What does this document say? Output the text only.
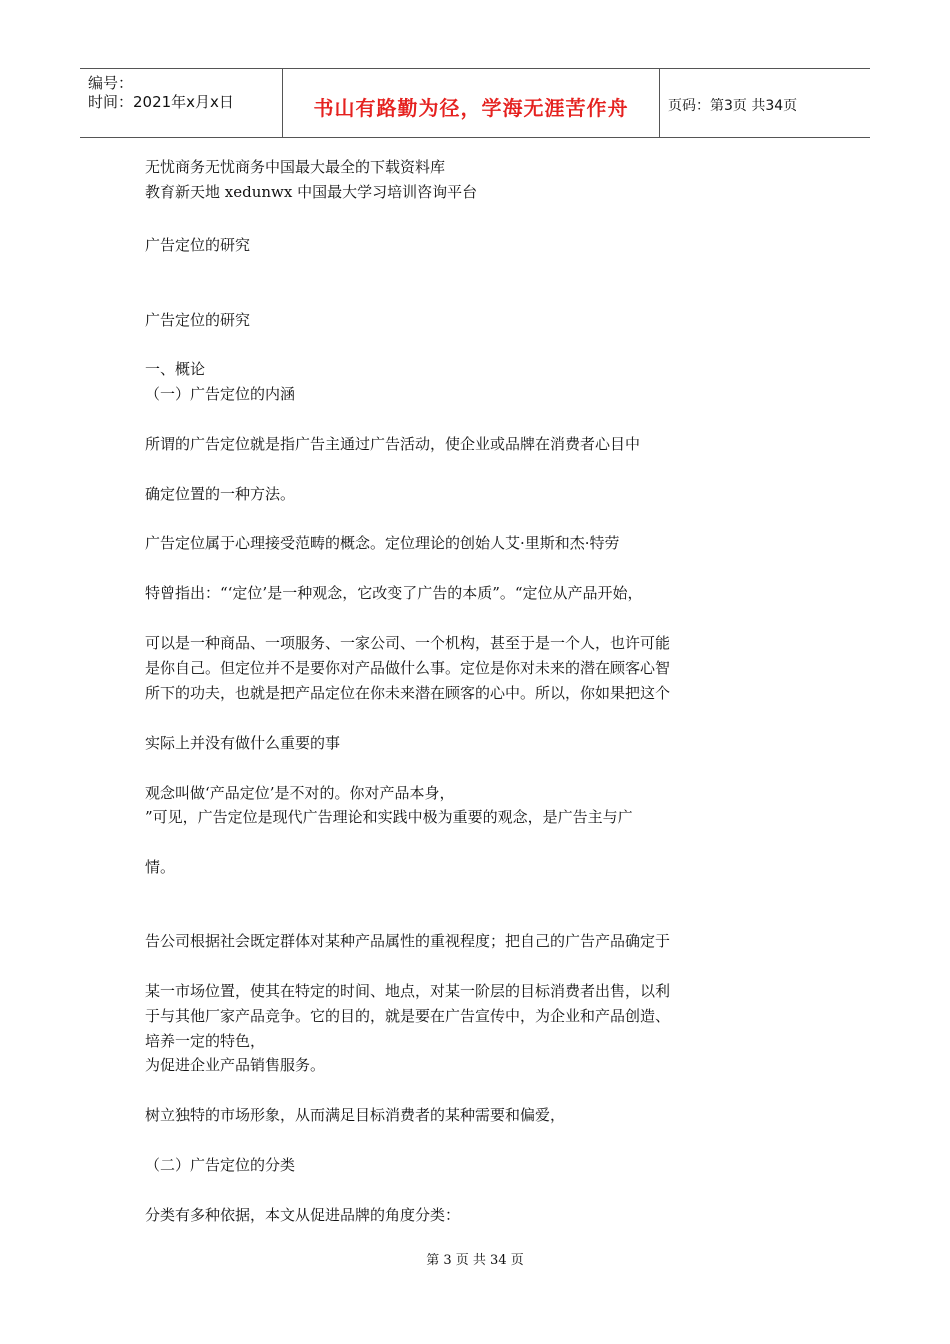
编号：
时间：2021年x月x日	书山有路勤为径，学海无涯苦作舟	页码：第3页 共34页
无忧商务无忧商务中国最大最全的下载资料库
教育新天地 xedunwx 中国最大学习培训咨询平台
广告定位的研究
广告定位的研究
一、概论
（一）广告定位的内涵
所谓的广告定位就是指广告主通过广告活动，使企业或品牌在消费者心目中
确定位置的一种方法。
广告定位属于心理接受范畴的概念。定位理论的创始人艾·里斯和杰·特劳
特曾指出：“‘定位’是一种观念，它改变了广告的本质”。“定位从产品开始，
可以是一种商品、一项服务、一家公司、一个机构，甚至于是一个人，也许可能
是你自己。但定位并不是要你对产品做什么事。定位是你对未来的潜在顾客心智
所下的功夫，也就是把产品定位在你未来潜在顾客的心中。所以，你如果把这个
实际上并没有做什么重要的事
观念叫做‘产品定位’是不对的。你对产品本身，
”可见，广告定位是现代广告理论和实践中极为重要的观念，是广告主与广
情。
告公司根据社会既定群体对某种产品属性的重视程度；把自己的广告产品确定于
某一市场位置，使其在特定的时间、地点，对某一阶层的目标消费者出售，以利
于与其他厂家产品竞争。它的目的，就是要在广告宣传中，为企业和产品创造、
培养一定的特色，
为促进企业产品销售服务。
树立独特的市场形象，从而满足目标消费者的某种需要和偏爱，
（二）广告定位的分类
分类有多种依据，本文从促进品牌的角度分类：
第 3 页 共 34 页
